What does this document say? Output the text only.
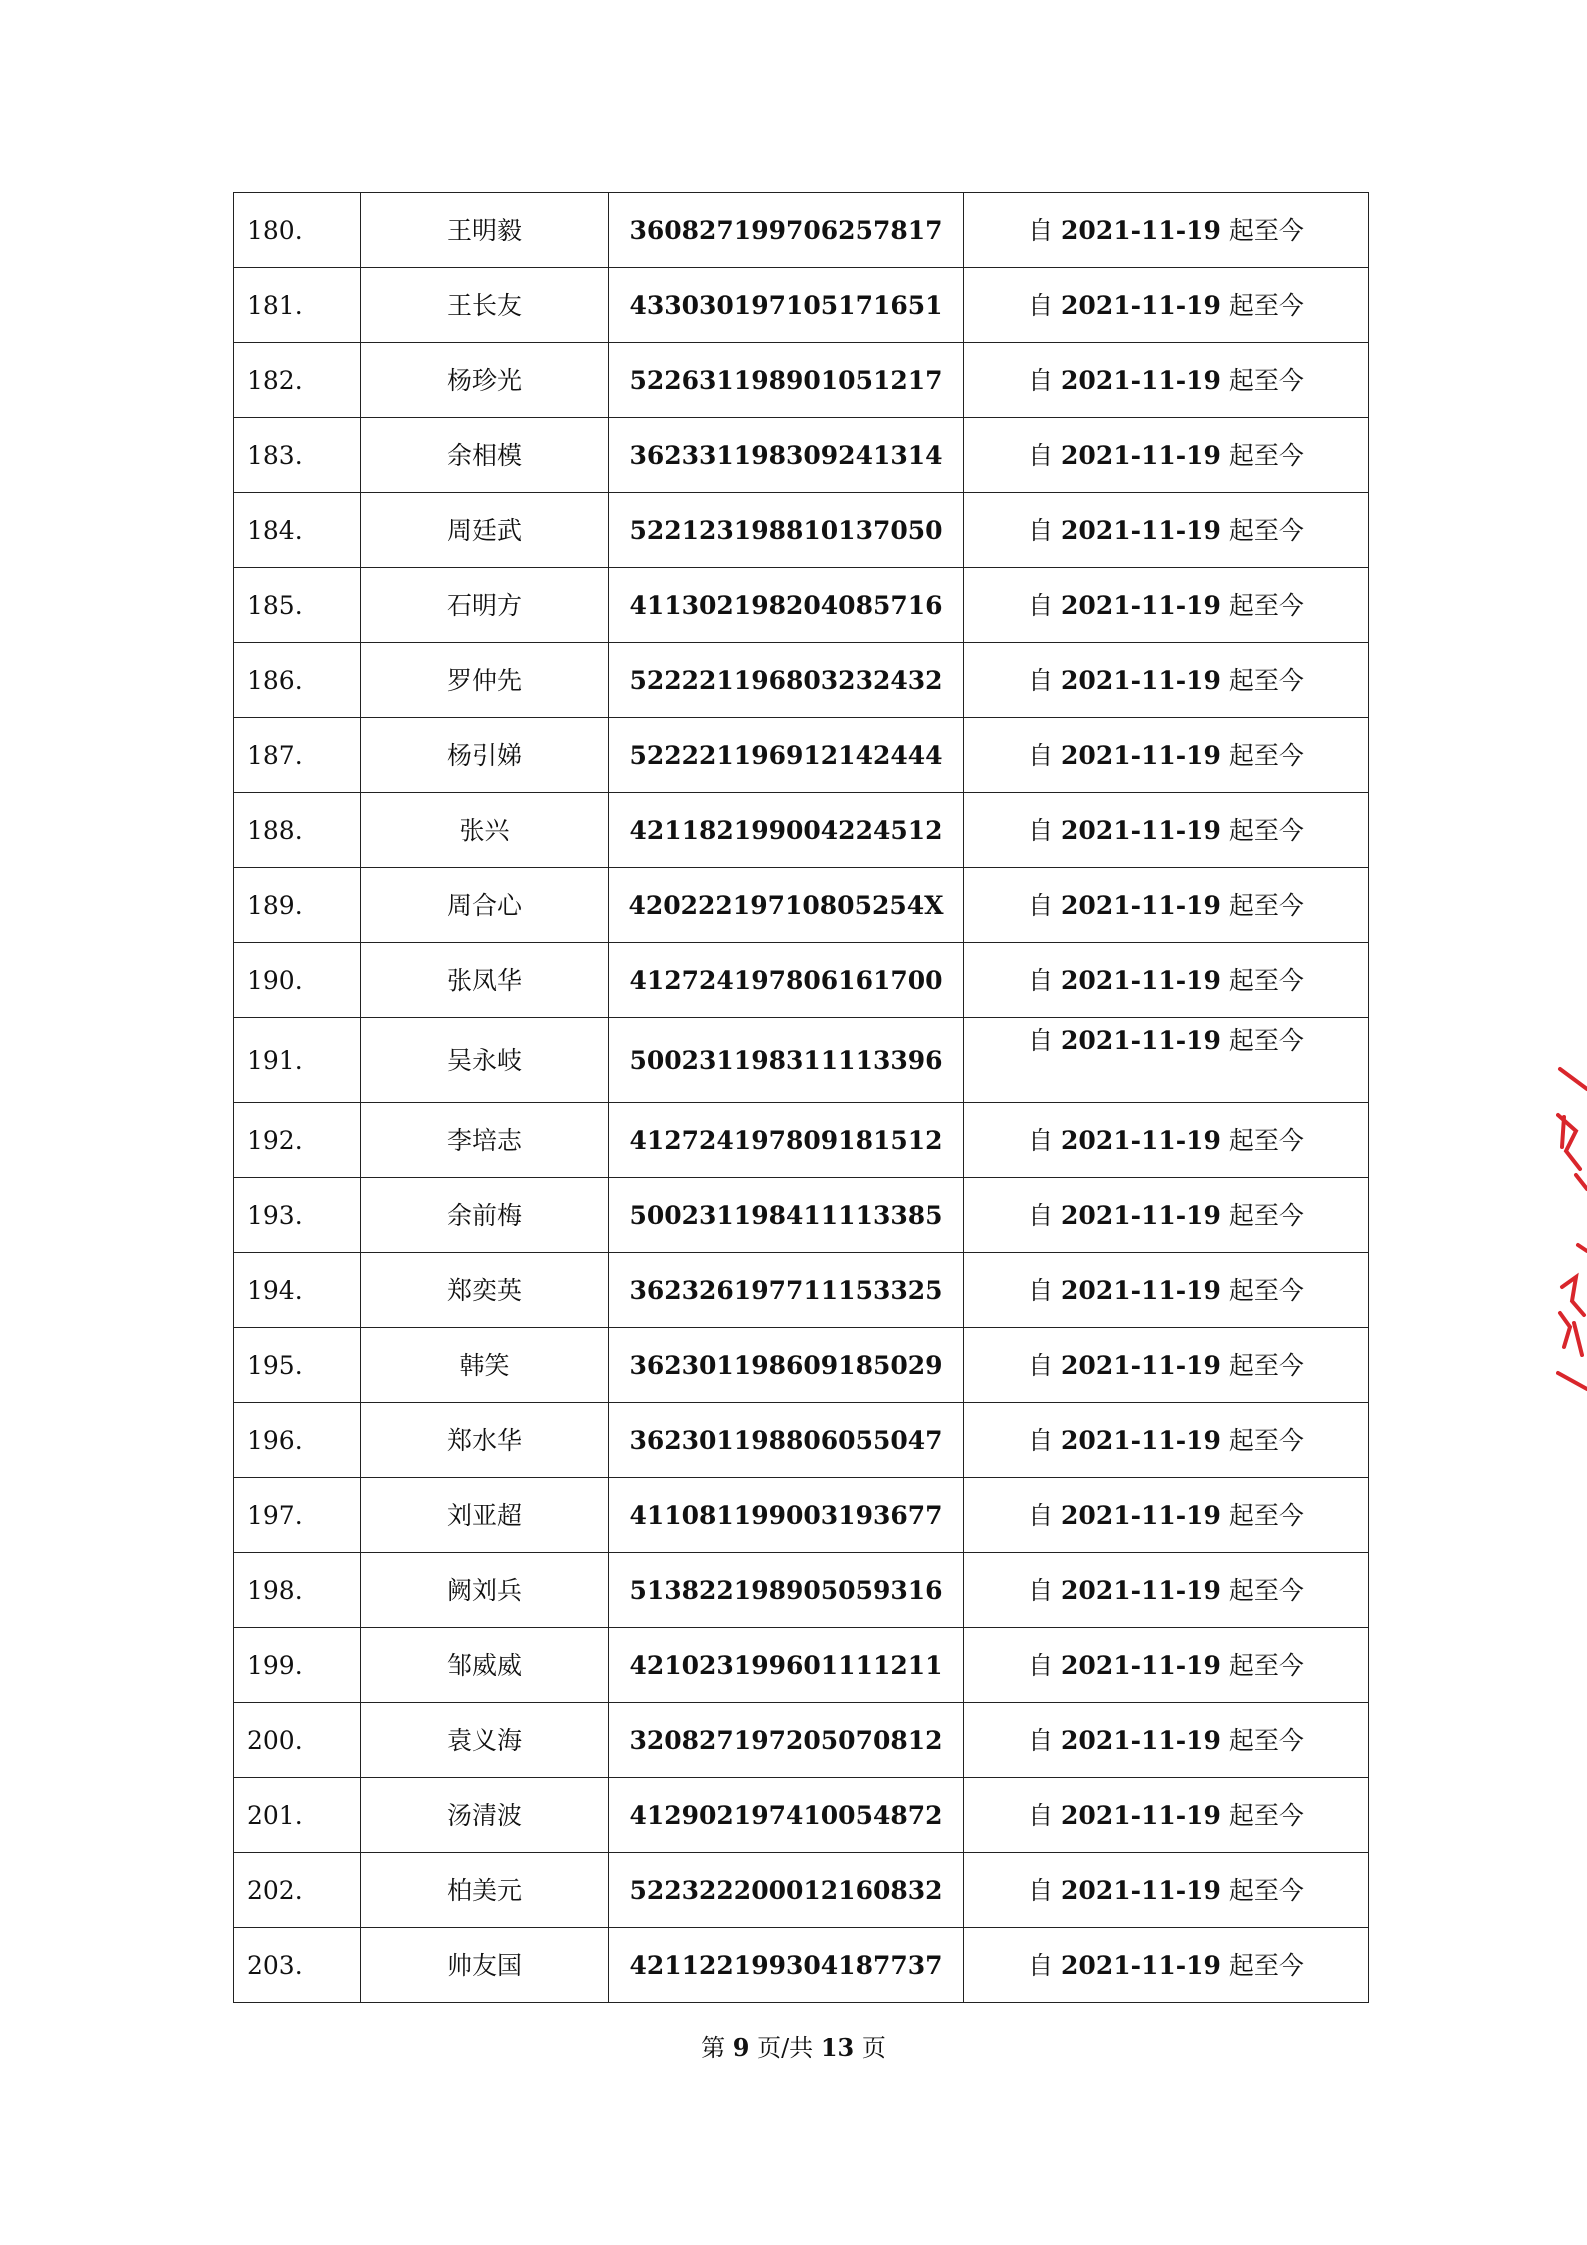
180.	王明毅	360827199706257817	自 2021-11-19 起至今
181.	王长友	433030197105171651	自 2021-11-19 起至今
182.	杨珍光	522631198901051217	自 2021-11-19 起至今
183.	余相模	362331198309241314	自 2021-11-19 起至今
184.	周廷武	522123198810137050	自 2021-11-19 起至今
185.	石明方	411302198204085716	自 2021-11-19 起至今
186.	罗仲先	522221196803232432	自 2021-11-19 起至今
187.	杨引娣	522221196912142444	自 2021-11-19 起至今
188.	张兴	421182199004224512	自 2021-11-19 起至今
189.	周合心	42022219710805254X	自 2021-11-19 起至今
190.	张凤华	412724197806161700	自 2021-11-19 起至今
191.	吴永岐	500231198311113396	自 2021-11-19 起至今
192.	李培志	412724197809181512	自 2021-11-19 起至今
193.	余前梅	500231198411113385	自 2021-11-19 起至今
194.	郑奕英	362326197711153325	自 2021-11-19 起至今
195.	韩笑	362301198609185029	自 2021-11-19 起至今
196.	郑水华	362301198806055047	自 2021-11-19 起至今
197.	刘亚超	411081199003193677	自 2021-11-19 起至今
198.	阙刘兵	513822198905059316	自 2021-11-19 起至今
199.	邹威威	421023199601111211	自 2021-11-19 起至今
200.	袁义海	320827197205070812	自 2021-11-19 起至今
201.	汤清波	412902197410054872	自 2021-11-19 起至今
202.	柏美元	522322200012160832	自 2021-11-19 起至今
203.	帅友国	421122199304187737	自 2021-11-19 起至今
第 9 页/共 13 页
